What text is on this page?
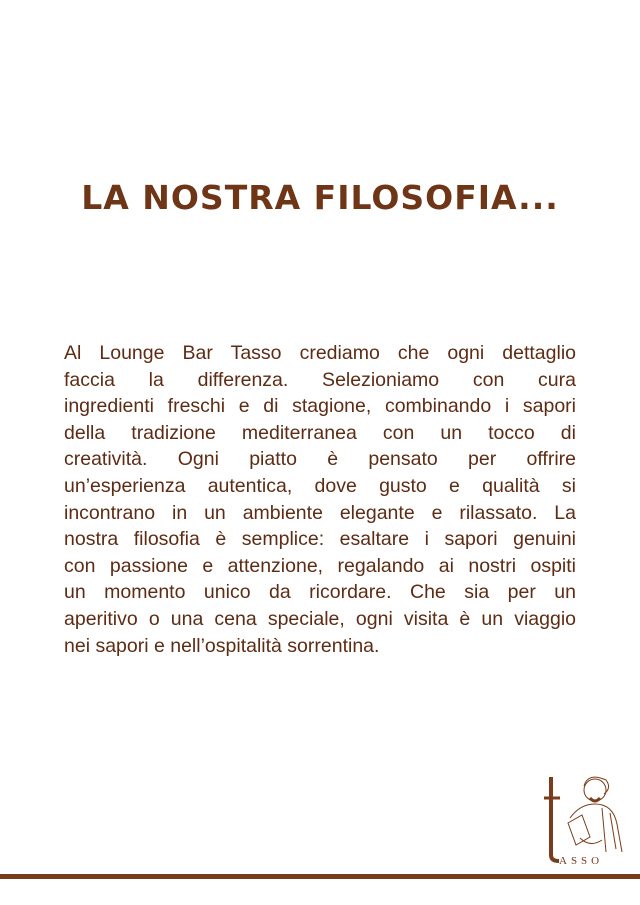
LA NOSTRA FILOSOFIA...
Al Lounge Bar Tasso crediamo che ogni dettaglio
faccia la differenza. Selezioniamo con cura
ingredienti freschi e di stagione, combinando i sapori
della tradizione mediterranea con un tocco di
creatività. Ogni piatto è pensato per offrire
un’esperienza autentica, dove gusto e qualità si
incontrano in un ambiente elegante e rilassato. La
nostra filosofia è semplice: esaltare i sapori genuini
con passione e attenzione, regalando ai nostri ospiti
un momento unico da ricordare. Che sia per un
aperitivo o una cena speciale, ogni visita è un viaggio
nei sapori e nell’ospitalità sorrentina.
ASSO
